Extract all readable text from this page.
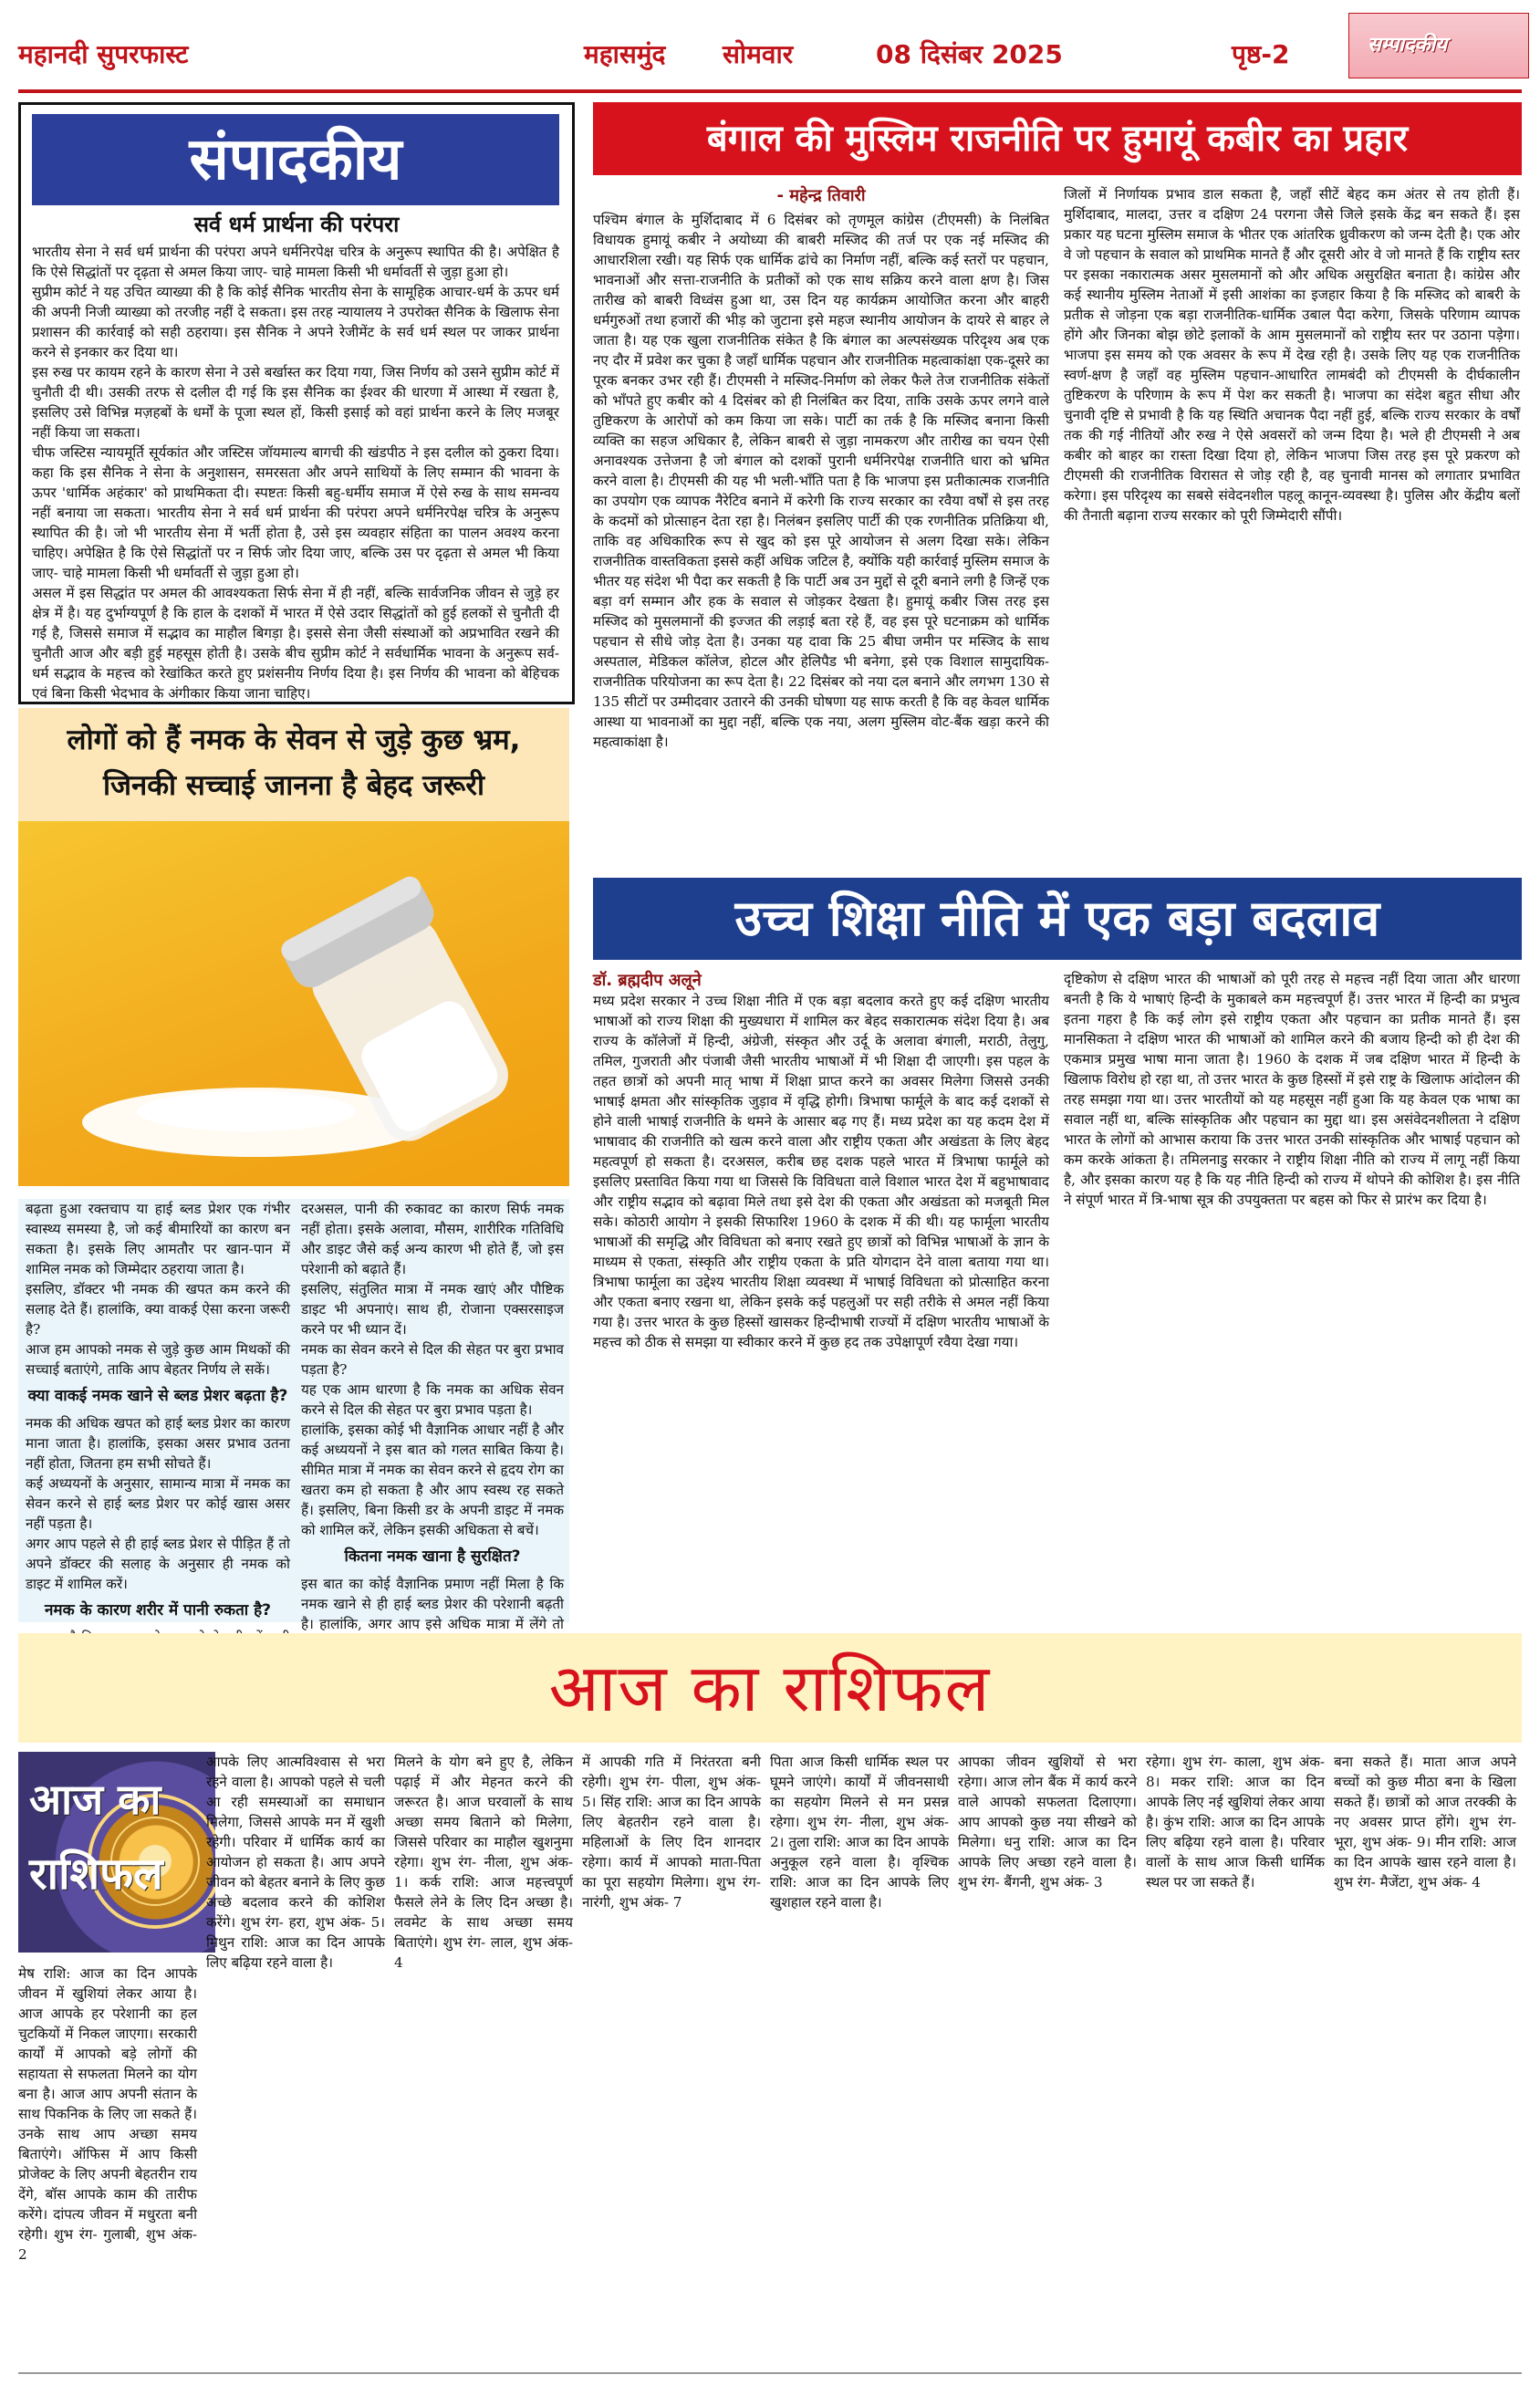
महानदी सुपरफास्ट	महासमुंद सोमवार	08 दिसंबर 2025	पृष्ठ-2	सम्पादकीय
संपादकीय
सर्व धर्म प्रार्थना की परंपरा

भारतीय सेना ने सर्व धर्म प्रार्थना की परंपरा अपने धर्मनिरपेक्ष चरित्र के अनुरूप स्थापित की है। अपेक्षित है कि ऐसे सिद्धांतों पर दृढ़ता से अमल किया जाए- चाहे मामला किसी भी धर्मावर्ती से जुड़ा हुआ हो।

सुप्रीम कोर्ट ने यह उचित व्याख्या की है कि कोई सैनिक भारतीय सेना के सामूहिक आचार-धर्म के ऊपर धर्म की अपनी निजी व्याख्या को तरजीह नहीं दे सकता। इस तरह न्यायालय ने उपरोक्त सैनिक के खिलाफ सेना प्रशासन की कार्रवाई को सही ठहराया। इस सैनिक ने अपने रेजीमेंट के सर्व धर्म स्थल पर जाकर प्रार्थना करने से इनकार कर दिया था।

इस रुख पर कायम रहने के कारण सेना ने उसे बर्खास्त कर दिया गया, जिस निर्णय को उसने सुप्रीम कोर्ट में चुनौती दी थी। उसकी तरफ से दलील दी गई कि इस सैनिक का ईश्वर की धारणा में आस्था में रखता है, इसलिए उसे विभिन्न मज़हबों के धर्मों के पूजा स्थल हों, किसी इसाई को वहां प्रार्थना करने के लिए मजबूर नहीं किया जा सकता।

चीफ जस्टिस न्यायमूर्ति सूर्यकांत और जस्टिस जॉयमाल्य बागची की खंडपीठ ने इस दलील को ठुकरा दिया। कहा कि इस सैनिक ने सेना के अनुशासन, समरसता और अपने साथियों के लिए सम्मान की भावना के ऊपर 'धार्मिक अहंकार' को प्राथमिकता दी। स्पष्टतः किसी बहु-धर्मीय समाज में ऐसे रुख के साथ समन्वय नहीं बनाया जा सकता। भारतीय सेना ने सर्व धर्म प्रार्थना की परंपरा अपने धर्मनिरपेक्ष चरित्र के अनुरूप स्थापित की है। जो भी भारतीय सेना में भर्ती होता है, उसे इस व्यवहार संहिता का पालन अवश्य करना चाहिए। अपेक्षित है कि ऐसे सिद्धांतों पर न सिर्फ जोर दिया जाए, बल्कि उस पर दृढ़ता से अमल भी किया जाए- चाहे मामला किसी भी धर्मावर्ती से जुड़ा हुआ हो।

असल में इस सिद्धांत पर अमल की आवश्यकता सिर्फ सेना में ही नहीं, बल्कि सार्वजनिक जीवन से जुड़े हर क्षेत्र में है। यह दुर्भाग्यपूर्ण है कि हाल के दशकों में भारत में ऐसे उदार सिद्धांतों को हुई हलकों से चुनौती दी गई है, जिससे समाज में सद्भाव का माहौल बिगड़ा है। इससे सेना जैसी संस्थाओं को अप्रभावित रखने की चुनौती आज और बड़ी हुई महसूस होती है। उसके बीच सुप्रीम कोर्ट ने सर्वधार्मिक भावना के अनुरूप सर्व-धर्म सद्भाव के महत्त्व को रेखांकित करते हुए प्रशंसनीय निर्णय दिया है। इस निर्णय की भावना को बेहिचक एवं बिना किसी भेदभाव के अंगीकार किया जाना चाहिए।

लोगों को हैं नमक के सेवन से जुड़े कुछ भ्रम,
जिनकी सच्चाई जानना है बेहद जरूरी

बढ़ता हुआ रक्तचाप या हाई ब्लड प्रेशर एक गंभीर स्वास्थ्य समस्या है, जो कई बीमारियों का कारण बन सकता है। इसके लिए आमतौर पर खान-पान में शामिल नमक को जिम्मेदार ठहराया जाता है।

इसलिए, डॉक्टर भी नमक की खपत कम करने की सलाह देते हैं। हालांकि, क्या वाकई ऐसा करना जरूरी है?

आज हम आपको नमक से जुड़े कुछ आम मिथकों की सच्चाई बताएंगे, ताकि आप बेहतर निर्णय ले सकें।

क्या वाकई नमक खाने से ब्लड प्रेशर बढ़ता है?

नमक की अधिक खपत को हाई ब्लड प्रेशर का कारण माना जाता है। हालांकि, इसका असर प्रभाव उतना नहीं होता, जितना हम सभी सोचते हैं।

कई अध्ययनों के अनुसार, सामान्य मात्रा में नमक का सेवन करने से हाई ब्लड प्रेशर पर कोई खास असर नहीं पड़ता है।

अगर आप पहले से ही हाई ब्लड प्रेशर से पीड़ित हैं तो अपने डॉक्टर की सलाह के अनुसार ही नमक को डाइट में शामिल करें।

नमक के कारण शरीर में पानी रुकता है?

दरअसल, पानी की रुकावट का कारण सिर्फ नमक नहीं होता। इसके अलावा, मौसम, शारीरिक गतिविधि और डाइट जैसे कई अन्य कारण भी होते हैं, जो इस परेशानी को बढ़ाते हैं।

इसलिए, संतुलित मात्रा में नमक खाएं और पौष्टिक डाइट भी अपनाएं। साथ ही, रोजाना एक्सरसाइज करने पर भी ध्यान दें।

नमक का सेवन करने से दिल की सेहत पर बुरा प्रभाव पड़ता है?

यह एक आम धारणा है कि नमक का अधिक सेवन करने से दिल की सेहत पर बुरा प्रभाव पड़ता है।

हालांकि, इसका कोई भी वैज्ञानिक आधार नहीं है और कई अध्ययनों ने इस बात को गलत साबित किया है। सीमित मात्रा में नमक का सेवन करने से हृदय रोग का खतरा कम हो सकता है और आप स्वस्थ रह सकते हैं। इसलिए, बिना किसी डर के अपनी डाइट में नमक को शामिल करें, लेकिन इसकी अधिकता से बचें।

कितना नमक खाना है सुरक्षित?

इस बात का कोई वैज्ञानिक प्रमाण नहीं मिला है कि नमक खाने से ही हाई ब्लड प्रेशर की परेशानी बढ़ती है। हालांकि, अगर आप इसे अधिक मात्रा में लेंगे तो

बंगाल की मुस्लिम राजनीति पर हुमायूं कबीर का प्रहार
- महेन्द्र तिवारी

पश्चिम बंगाल के मुर्शिदाबाद में 6 दिसंबर को तृणमूल कांग्रेस (टीएमसी) के निलंबित विधायक हुमायूं कबीर ने अयोध्या की बाबरी मस्जिद की तर्ज पर एक नई मस्जिद की आधारशिला रखी। यह सिर्फ एक धार्मिक ढांचे का निर्माण नहीं, बल्कि कई स्तरों पर पहचान, भावनाओं और सत्ता-राजनीति के प्रतीकों को एक साथ सक्रिय करने वाला क्षण है। जिस तारीख को बाबरी विध्वंस हुआ था, उस दिन यह कार्यक्रम आयोजित करना और बाहरी धर्मगुरुओं तथा हजारों की भीड़ को जुटाना इसे महज स्थानीय आयोजन के दायरे से बाहर ले जाता है। यह एक खुला राजनीतिक संकेत है कि बंगाल का अल्पसंख्यक परिदृश्य अब एक नए दौर में प्रवेश कर चुका है जहाँ धार्मिक पहचान और राजनीतिक महत्वाकांक्षा एक-दूसरे का पूरक बनकर उभर रही हैं। टीएमसी ने मस्जिद-निर्माण को लेकर फैले तेज राजनीतिक संकेतों को भाँपते हुए कबीर को 4 दिसंबर को ही निलंबित कर दिया, ताकि उसके ऊपर लगने वाले तुष्टिकरण के आरोपों को कम किया जा सके। पार्टी का तर्क है कि मस्जिद बनाना किसी व्यक्ति का सहज अधिकार है, लेकिन बाबरी से जुड़ा नामकरण और तारीख का चयन ऐसी अनावश्यक उत्तेजना है जो बंगाल को दशकों पुरानी धर्मनिरपेक्ष राजनीति धारा को भ्रमित करने वाला है। टीएमसी की यह भी भली-भाँति पता है कि भाजपा इस प्रतीकात्मक राजनीति का उपयोग एक व्यापक नैरेटिव बनाने में करेगी कि राज्य सरकार का रवैया वर्षों से इस तरह के कदमों को प्रोत्साहन देता रहा है। निलंबन इसलिए पार्टी की एक रणनीतिक प्रतिक्रिया थी, ताकि वह अधिकारिक रूप से खुद को इस पूरे आयोजन से अलग दिखा सके। लेकिन राजनीतिक वास्तविकता इससे कहीं अधिक जटिल है, क्योंकि यही कार्रवाई मुस्लिम समाज के भीतर यह संदेश भी पैदा कर सकती है कि पार्टी अब उन मुद्दों से दूरी बनाने लगी है जिन्हें एक बड़ा वर्ग सम्मान और हक के सवाल से जोड़कर देखता है। हुमायूं कबीर जिस तरह इस मस्जिद को मुसलमानों की इज्जत की लड़ाई बता रहे हैं, वह इस पूरे घटनाक्रम को धार्मिक पहचान से सीधे जोड़ देता है। उनका यह दावा कि 25 बीघा जमीन पर मस्जिद के साथ अस्पताल, मेडिकल कॉलेज, होटल और हेलिपैड भी बनेगा, इसे एक विशाल सामुदायिक-राजनीतिक परियोजना का रूप देता है। 22 दिसंबर को नया दल बनाने और लगभग 130 से 135 सीटों पर उम्मीदवार उतारने की उनकी घोषणा यह साफ करती है कि वह केवल धार्मिक आस्था या भावनाओं का मुद्दा नहीं, बल्कि एक नया, अलग मुस्लिम वोट-बैंक खड़ा करने की महत्वाकांक्षा है।

जिलों में निर्णायक प्रभाव डाल सकता है, जहाँ सीटें बेहद कम अंतर से तय होती हैं। मुर्शिदाबाद, मालदा, उत्तर व दक्षिण 24 परगना जैसे जिले इसके केंद्र बन सकते हैं। इस प्रकार यह घटना मुस्लिम समाज के भीतर एक आंतरिक ध्रुवीकरण को जन्म देती है। एक ओर वे जो पहचान के सवाल को प्राथमिक मानते हैं और दूसरी ओर वे जो मानते हैं कि राष्ट्रीय स्तर पर इसका नकारात्मक असर मुसलमानों को और अधिक असुरक्षित बनाता है। कांग्रेस और कई स्थानीय मुस्लिम नेताओं में इसी आशंका का इजहार किया है कि मस्जिद को बाबरी के प्रतीक से जोड़ना एक बड़ा राजनीतिक-धार्मिक उबाल पैदा करेगा, जिसके परिणाम व्यापक होंगे और जिनका बोझ छोटे इलाकों के आम मुसलमानों को राष्ट्रीय स्तर पर उठाना पड़ेगा। भाजपा इस समय को एक अवसर के रूप में देख रही है। उसके लिए यह एक राजनीतिक स्वर्ण-क्षण है जहाँ वह मुस्लिम पहचान-आधारित लामबंदी को टीएमसी के दीर्घकालीन तुष्टिकरण के परिणाम के रूप में पेश कर सकती है। भाजपा का संदेश बहुत सीधा और चुनावी दृष्टि से प्रभावी है कि यह स्थिति अचानक पैदा नहीं हुई, बल्कि राज्य सरकार के वर्षों तक की गई नीतियों और रुख ने ऐसे अवसरों को जन्म दिया है। भले ही टीएमसी ने अब कबीर को बाहर का रास्ता दिखा दिया हो, लेकिन भाजपा जिस तरह इस पूरे प्रकरण को टीएमसी की राजनीतिक विरासत से जोड़ रही है, वह चुनावी मानस को लगातार प्रभावित करेगा। इस परिदृश्य का सबसे संवेदनशील पहलू कानून-व्यवस्था है। पुलिस और केंद्रीय बलों की तैनाती बढ़ाना राज्य सरकार को पूरी जिम्मेदारी सौंपी।

उच्च शिक्षा नीति में एक बड़ा बदलाव
डॉ. ब्रह्मदीप अलूने

मध्य प्रदेश सरकार ने उच्च शिक्षा नीति में एक बड़ा बदलाव करते हुए कई दक्षिण भारतीय भाषाओं को राज्य शिक्षा की मुख्यधारा में शामिल कर बेहद सकारात्मक संदेश दिया है। अब राज्य के कॉलेजों में हिन्दी, अंग्रेजी, संस्कृत और उर्दू के अलावा बंगाली, मराठी, तेलुगु, तमिल, गुजराती और पंजाबी जैसी भारतीय भाषाओं में भी शिक्षा दी जाएगी। इस पहल के तहत छात्रों को अपनी मातृ भाषा में शिक्षा प्राप्त करने का अवसर मिलेगा जिससे उनकी भाषाई क्षमता और सांस्कृतिक जुड़ाव में वृद्धि होगी। त्रिभाषा फार्मूले के बाद कई दशकों से होने वाली भाषाई राजनीति के थमने के आसार बढ़ गए हैं। मध्य प्रदेश का यह कदम देश में भाषावाद की राजनीति को खत्म करने वाला और राष्ट्रीय एकता और अखंडता के लिए बेहद महत्वपूर्ण हो सकता है। दरअसल, करीब छह दशक पहले भारत में त्रिभाषा फार्मूले को इसलिए प्रस्तावित किया गया था जिससे कि विविधता वाले विशाल भारत देश में बहुभाषावाद और राष्ट्रीय सद्भाव को बढ़ावा मिले तथा इसे देश की एकता और अखंडता को मजबूती मिल सके। कोठारी आयोग ने इसकी सिफारिश 1960 के दशक में की थी। यह फार्मूला भारतीय भाषाओं की समृद्धि और विविधता को बनाए रखते हुए छात्रों को विभिन्न भाषाओं के ज्ञान के माध्यम से एकता, संस्कृति और राष्ट्रीय एकता के प्रति योगदान देने वाला बताया गया था। त्रिभाषा फार्मूला का उद्देश्य भारतीय शिक्षा व्यवस्था में भाषाई विविधता को प्रोत्साहित करना और एकता बनाए रखना था, लेकिन इसके कई पहलुओं पर सही तरीके से अमल नहीं किया गया है। उत्तर भारत के कुछ हिस्सों खासकर हिन्दीभाषी राज्यों में दक्षिण भारतीय भाषाओं के महत्त्व को ठीक से समझा या स्वीकार करने में कुछ हद तक उपेक्षापूर्ण रवैया देखा गया।

दृष्टिकोण से दक्षिण भारत की भाषाओं को पूरी तरह से महत्त्व नहीं दिया जाता और धारणा बनती है कि ये भाषाएं हिन्दी के मुकाबले कम महत्त्वपूर्ण हैं। उत्तर भारत में हिन्दी का प्रभुत्व इतना गहरा है कि कई लोग इसे राष्ट्रीय एकता और पहचान का प्रतीक मानते हैं। इस मानसिकता ने दक्षिण भारत की भाषाओं को शामिल करने की बजाय हिन्दी को ही देश की एकमात्र प्रमुख भाषा माना जाता है। 1960 के दशक में जब दक्षिण भारत में हिन्दी के खिलाफ विरोध हो रहा था, तो उत्तर भारत के कुछ हिस्सों में इसे राष्ट्र के खिलाफ आंदोलन की तरह समझा गया था। उत्तर भारतीयों को यह महसूस नहीं हुआ कि यह केवल एक भाषा का सवाल नहीं था, बल्कि सांस्कृतिक और पहचान का मुद्दा था। इस असंवेदनशीलता ने दक्षिण भारत के लोगों को आभास कराया कि उत्तर भारत उनकी सांस्कृतिक और भाषाई पहचान को कम करके आंकता है। तमिलनाडु सरकार ने राष्ट्रीय शिक्षा नीति को राज्य में लागू नहीं किया है, और इसका कारण यह है कि यह नीति हिन्दी को राज्य में थोपने की कोशिश है। इस नीति ने संपूर्ण भारत में त्रि-भाषा सूत्र की उपयुक्तता पर बहस को फिर से प्रारंभ कर दिया है।

आज का राशिफल
आज का
राशिफल
मेष राशि: आज का दिन आपके जीवन में खुशियां लेकर आया है। आज आपके हर परेशानी का हल चुटकियों में निकल जाएगा। सरकारी कार्यों में आपको बड़े लोगों की सहायता से सफलता मिलने का योग बना है। आज आप अपनी संतान के साथ पिकनिक के लिए जा सकते हैं। उनके साथ आप अच्छा समय बिताएंगे। ऑफिस में आप किसी प्रोजेक्ट के लिए अपनी बेहतरीन राय देंगे, बॉस आपके काम की तारीफ करेंगे। दांपत्य जीवन में मधुरता बनी रहेगी। शुभ रंग- गुलाबी, शुभ अंक- 2
आपके लिए आत्मविश्वास से भरा रहने वाला है। आपको पहले से चली आ रही समस्याओं का समाधान मिलेगा, जिससे आपके मन में खुशी रहेगी। परिवार में धार्मिक कार्य का आयोजन हो सकता है। आप अपने जीवन को बेहतर बनाने के लिए कुछ अच्छे बदलाव करने की कोशिश करेंगे। शुभ रंग- हरा, शुभ अंक- 5। मिथुन राशि: आज का दिन आपके लिए बढ़िया रहने वाला है।
मिलने के योग बने हुए है, लेकिन पढ़ाई में और मेहनत करने की जरूरत है। आज घरवालों के साथ अच्छा समय बिताने को मिलेगा, जिससे परिवार का माहौल खुशनुमा रहेगा। शुभ रंग- नीला, शुभ अंक- 1। कर्क राशि: आज महत्त्वपूर्ण फैसले लेने के लिए दिन अच्छा है। लवमेट के साथ अच्छा समय बिताएंगे। शुभ रंग- लाल, शुभ अंक- 4
में आपकी गति में निरंतरता बनी रहेगी। शुभ रंग- पीला, शुभ अंक- 5। सिंह राशि: आज का दिन आपके लिए बेहतरीन रहने वाला है। महिलाओं के लिए दिन शानदार रहेगा। कार्य में आपको माता-पिता का पूरा सहयोग मिलेगा। शुभ रंग- नारंगी, शुभ अंक- 7
पिता आज किसी धार्मिक स्थल पर घूमने जाएंगे। कार्यों में जीवनसाथी का सहयोग मिलने से मन प्रसन्न रहेगा। शुभ रंग- नीला, शुभ अंक- 2। तुला राशि: आज का दिन आपके अनुकूल रहने वाला है। वृश्चिक राशि: आज का दिन आपके लिए खुशहाल रहने वाला है।
आपका जीवन खुशियों से भरा रहेगा। आज लोन बैंक में कार्य करने वाले आपको सफलता दिलाएगा। आप आपको कुछ नया सीखने को मिलेगा। धनु राशि: आज का दिन आपके लिए अच्छा रहने वाला है। शुभ रंग- बैंगनी, शुभ अंक- 3
रहेगा। शुभ रंग- काला, शुभ अंक- 8। मकर राशि: आज का दिन आपके लिए नई खुशियां लेकर आया है। कुंभ राशि: आज का दिन आपके लिए बढ़िया रहने वाला है। परिवार वालों के साथ आज किसी धार्मिक स्थल पर जा सकते हैं।
बना सकते हैं। माता आज अपने बच्चों को कुछ मीठा बना के खिला सकते हैं। छात्रों को आज तरक्की के नए अवसर प्राप्त होंगे। शुभ रंग- भूरा, शुभ अंक- 9। मीन राशि: आज का दिन आपके खास रहने वाला है। शुभ रंग- मैजेंटा, शुभ अंक- 4
